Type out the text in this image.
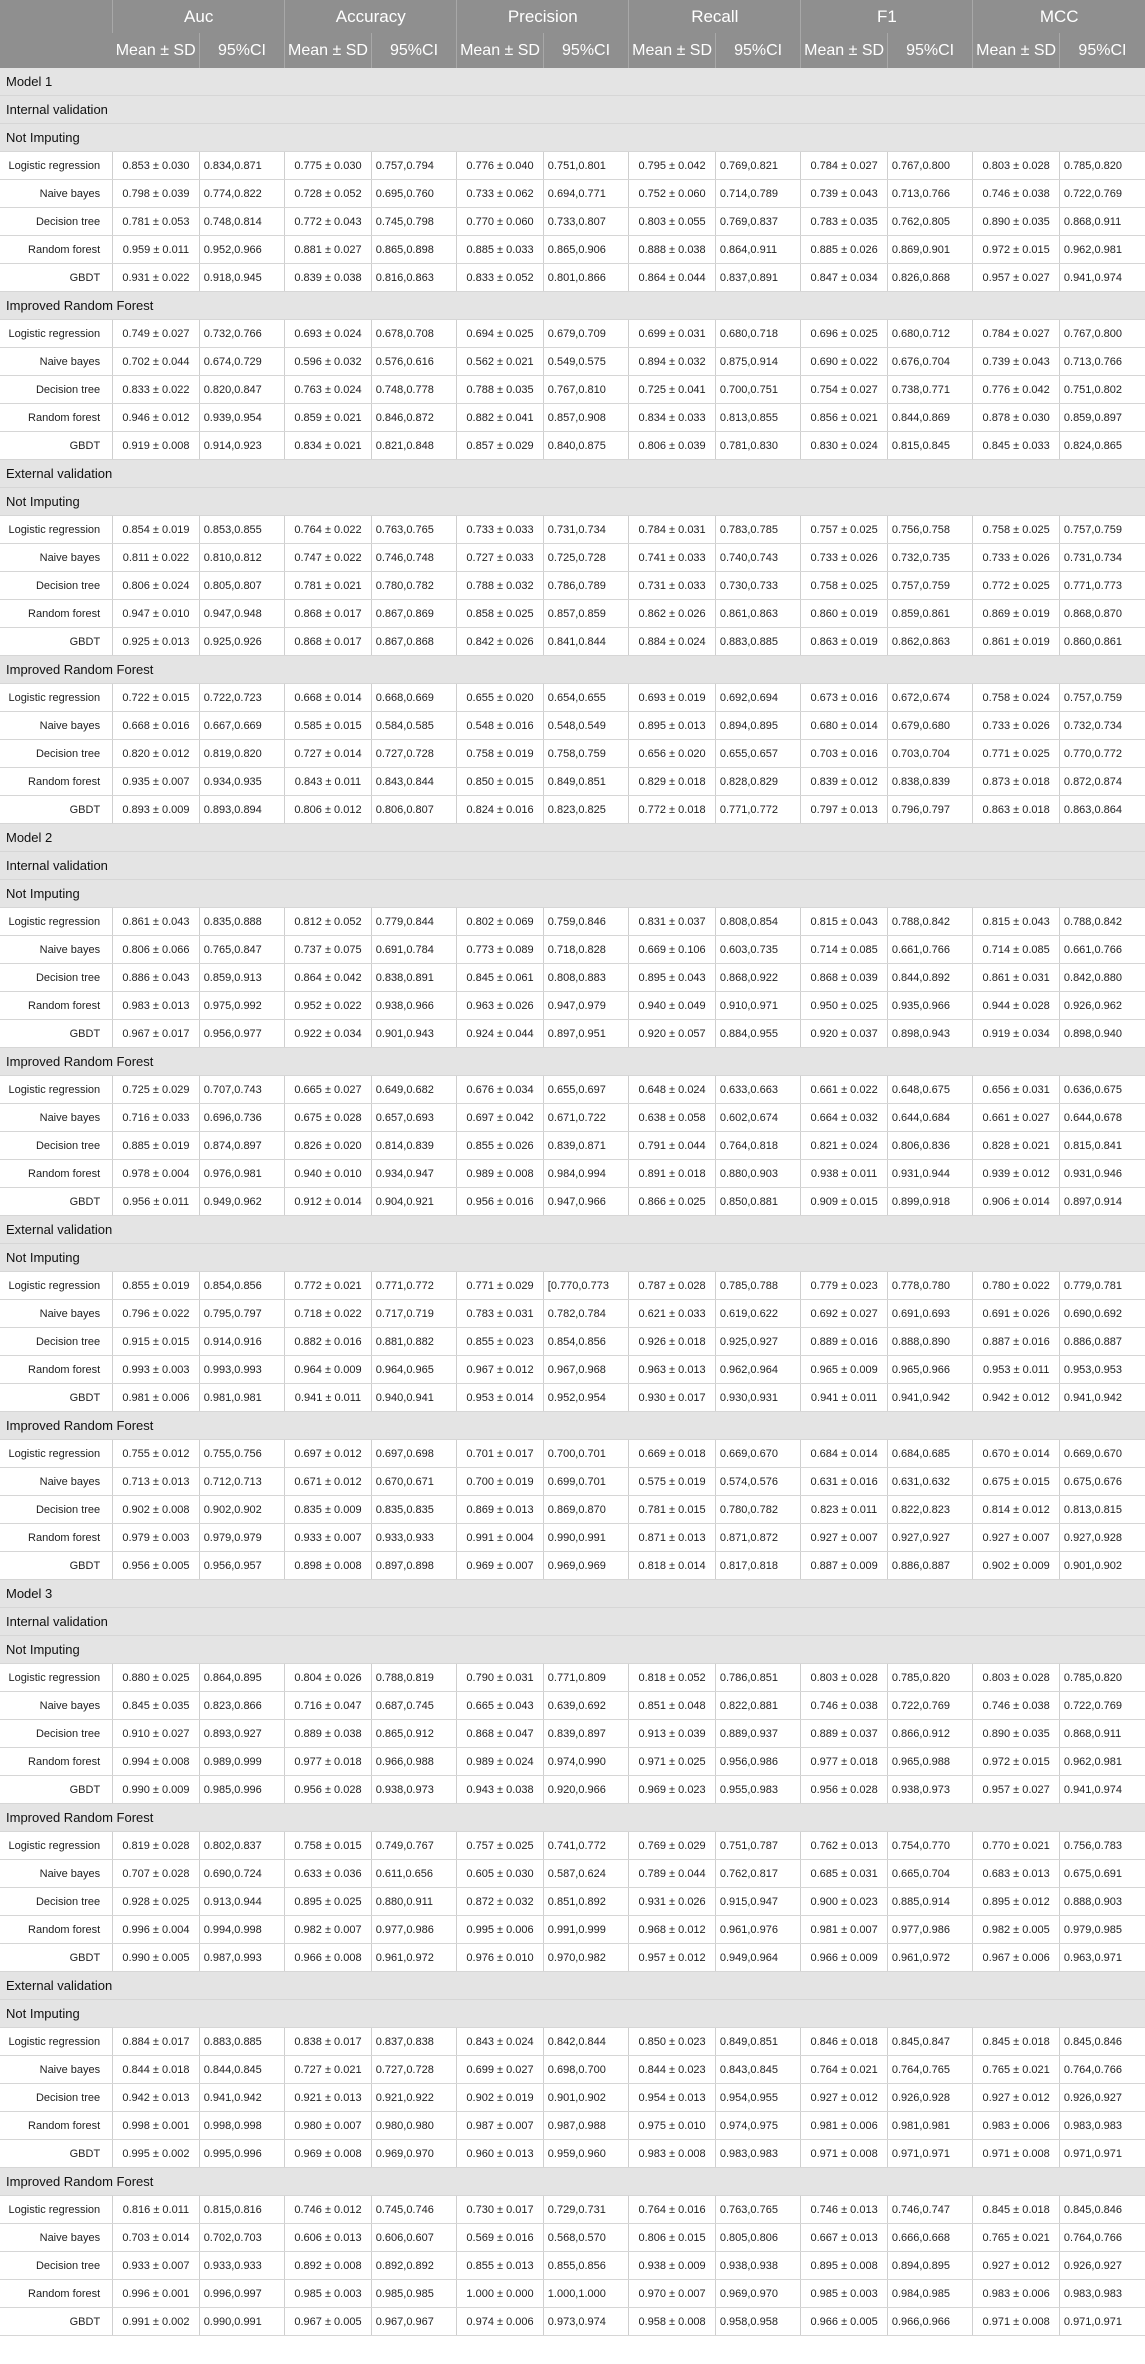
	Auc		Accuracy		Precision		Recall		F1		MCC	
	Mean ± SD	95%CI	Mean ± SD	95%CI	Mean ± SD	95%CI	Mean ± SD	95%CI	Mean ± SD	95%CI	Mean ± SD	95%CI
Model 1												
Internal validation												
Not Imputing												
Logistic regression	0.853 ± 0.030	0.834,0.871	0.775 ± 0.030	0.757,0.794	0.776 ± 0.040	0.751,0.801	0.795 ± 0.042	0.769,0.821	0.784 ± 0.027	0.767,0.800	0.803 ± 0.028	0.785,0.820
Naive bayes	0.798 ± 0.039	0.774,0.822	0.728 ± 0.052	0.695,0.760	0.733 ± 0.062	0.694,0.771	0.752 ± 0.060	0.714,0.789	0.739 ± 0.043	0.713,0.766	0.746 ± 0.038	0.722,0.769
Decision tree	0.781 ± 0.053	0.748,0.814	0.772 ± 0.043	0.745,0.798	0.770 ± 0.060	0.733,0.807	0.803 ± 0.055	0.769,0.837	0.783 ± 0.035	0.762,0.805	0.890 ± 0.035	0.868,0.911
Random forest	0.959 ± 0.011	0.952,0.966	0.881 ± 0.027	0.865,0.898	0.885 ± 0.033	0.865,0.906	0.888 ± 0.038	0.864,0.911	0.885 ± 0.026	0.869,0.901	0.972 ± 0.015	0.962,0.981
GBDT	0.931 ± 0.022	0.918,0.945	0.839 ± 0.038	0.816,0.863	0.833 ± 0.052	0.801,0.866	0.864 ± 0.044	0.837,0.891	0.847 ± 0.034	0.826,0.868	0.957 ± 0.027	0.941,0.974
Improved Random Forest												
Logistic regression	0.749 ± 0.027	0.732,0.766	0.693 ± 0.024	0.678,0.708	0.694 ± 0.025	0.679,0.709	0.699 ± 0.031	0.680,0.718	0.696 ± 0.025	0.680,0.712	0.784 ± 0.027	0.767,0.800
Naive bayes	0.702 ± 0.044	0.674,0.729	0.596 ± 0.032	0.576,0.616	0.562 ± 0.021	0.549,0.575	0.894 ± 0.032	0.875,0.914	0.690 ± 0.022	0.676,0.704	0.739 ± 0.043	0.713,0.766
Decision tree	0.833 ± 0.022	0.820,0.847	0.763 ± 0.024	0.748,0.778	0.788 ± 0.035	0.767,0.810	0.725 ± 0.041	0.700,0.751	0.754 ± 0.027	0.738,0.771	0.776 ± 0.042	0.751,0.802
Random forest	0.946 ± 0.012	0.939,0.954	0.859 ± 0.021	0.846,0.872	0.882 ± 0.041	0.857,0.908	0.834 ± 0.033	0.813,0.855	0.856 ± 0.021	0.844,0.869	0.878 ± 0.030	0.859,0.897
GBDT	0.919 ± 0.008	0.914,0.923	0.834 ± 0.021	0.821,0.848	0.857 ± 0.029	0.840,0.875	0.806 ± 0.039	0.781,0.830	0.830 ± 0.024	0.815,0.845	0.845 ± 0.033	0.824,0.865
External validation												
Not Imputing												
Logistic regression	0.854 ± 0.019	0.853,0.855	0.764 ± 0.022	0.763,0.765	0.733 ± 0.033	0.731,0.734	0.784 ± 0.031	0.783,0.785	0.757 ± 0.025	0.756,0.758	0.758 ± 0.025	0.757,0.759
Naive bayes	0.811 ± 0.022	0.810,0.812	0.747 ± 0.022	0.746,0.748	0.727 ± 0.033	0.725,0.728	0.741 ± 0.033	0.740,0.743	0.733 ± 0.026	0.732,0.735	0.733 ± 0.026	0.731,0.734
Decision tree	0.806 ± 0.024	0.805,0.807	0.781 ± 0.021	0.780,0.782	0.788 ± 0.032	0.786,0.789	0.731 ± 0.033	0.730,0.733	0.758 ± 0.025	0.757,0.759	0.772 ± 0.025	0.771,0.773
Random forest	0.947 ± 0.010	0.947,0.948	0.868 ± 0.017	0.867,0.869	0.858 ± 0.025	0.857,0.859	0.862 ± 0.026	0.861,0.863	0.860 ± 0.019	0.859,0.861	0.869 ± 0.019	0.868,0.870
GBDT	0.925 ± 0.013	0.925,0.926	0.868 ± 0.017	0.867,0.868	0.842 ± 0.026	0.841,0.844	0.884 ± 0.024	0.883,0.885	0.863 ± 0.019	0.862,0.863	0.861 ± 0.019	0.860,0.861
Improved Random Forest												
Logistic regression	0.722 ± 0.015	0.722,0.723	0.668 ± 0.014	0.668,0.669	0.655 ± 0.020	0.654,0.655	0.693 ± 0.019	0.692,0.694	0.673 ± 0.016	0.672,0.674	0.758 ± 0.024	0.757,0.759
Naive bayes	0.668 ± 0.016	0.667,0.669	0.585 ± 0.015	0.584,0.585	0.548 ± 0.016	0.548,0.549	0.895 ± 0.013	0.894,0.895	0.680 ± 0.014	0.679,0.680	0.733 ± 0.026	0.732,0.734
Decision tree	0.820 ± 0.012	0.819,0.820	0.727 ± 0.014	0.727,0.728	0.758 ± 0.019	0.758,0.759	0.656 ± 0.020	0.655,0.657	0.703 ± 0.016	0.703,0.704	0.771 ± 0.025	0.770,0.772
Random forest	0.935 ± 0.007	0.934,0.935	0.843 ± 0.011	0.843,0.844	0.850 ± 0.015	0.849,0.851	0.829 ± 0.018	0.828,0.829	0.839 ± 0.012	0.838,0.839	0.873 ± 0.018	0.872,0.874
GBDT	0.893 ± 0.009	0.893,0.894	0.806 ± 0.012	0.806,0.807	0.824 ± 0.016	0.823,0.825	0.772 ± 0.018	0.771,0.772	0.797 ± 0.013	0.796,0.797	0.863 ± 0.018	0.863,0.864
Model 2												
Internal validation												
Not Imputing												
Logistic regression	0.861 ± 0.043	0.835,0.888	0.812 ± 0.052	0.779,0.844	0.802 ± 0.069	0.759,0.846	0.831 ± 0.037	0.808,0.854	0.815 ± 0.043	0.788,0.842	0.815 ± 0.043	0.788,0.842
Naive bayes	0.806 ± 0.066	0.765,0.847	0.737 ± 0.075	0.691,0.784	0.773 ± 0.089	0.718,0.828	0.669 ± 0.106	0.603,0.735	0.714 ± 0.085	0.661,0.766	0.714 ± 0.085	0.661,0.766
Decision tree	0.886 ± 0.043	0.859,0.913	0.864 ± 0.042	0.838,0.891	0.845 ± 0.061	0.808,0.883	0.895 ± 0.043	0.868,0.922	0.868 ± 0.039	0.844,0.892	0.861 ± 0.031	0.842,0.880
Random forest	0.983 ± 0.013	0.975,0.992	0.952 ± 0.022	0.938,0.966	0.963 ± 0.026	0.947,0.979	0.940 ± 0.049	0.910,0.971	0.950 ± 0.025	0.935,0.966	0.944 ± 0.028	0.926,0.962
GBDT	0.967 ± 0.017	0.956,0.977	0.922 ± 0.034	0.901,0.943	0.924 ± 0.044	0.897,0.951	0.920 ± 0.057	0.884,0.955	0.920 ± 0.037	0.898,0.943	0.919 ± 0.034	0.898,0.940
Improved Random Forest												
Logistic regression	0.725 ± 0.029	0.707,0.743	0.665 ± 0.027	0.649,0.682	0.676 ± 0.034	0.655,0.697	0.648 ± 0.024	0.633,0.663	0.661 ± 0.022	0.648,0.675	0.656 ± 0.031	0.636,0.675
Naive bayes	0.716 ± 0.033	0.696,0.736	0.675 ± 0.028	0.657,0.693	0.697 ± 0.042	0.671,0.722	0.638 ± 0.058	0.602,0.674	0.664 ± 0.032	0.644,0.684	0.661 ± 0.027	0.644,0.678
Decision tree	0.885 ± 0.019	0.874,0.897	0.826 ± 0.020	0.814,0.839	0.855 ± 0.026	0.839,0.871	0.791 ± 0.044	0.764,0.818	0.821 ± 0.024	0.806,0.836	0.828 ± 0.021	0.815,0.841
Random forest	0.978 ± 0.004	0.976,0.981	0.940 ± 0.010	0.934,0.947	0.989 ± 0.008	0.984,0.994	0.891 ± 0.018	0.880,0.903	0.938 ± 0.011	0.931,0.944	0.939 ± 0.012	0.931,0.946
GBDT	0.956 ± 0.011	0.949,0.962	0.912 ± 0.014	0.904,0.921	0.956 ± 0.016	0.947,0.966	0.866 ± 0.025	0.850,0.881	0.909 ± 0.015	0.899,0.918	0.906 ± 0.014	0.897,0.914
External validation												
Not Imputing												
Logistic regression	0.855 ± 0.019	0.854,0.856	0.772 ± 0.021	0.771,0.772	0.771 ± 0.029	[0.770,0.773	0.787 ± 0.028	0.785,0.788	0.779 ± 0.023	0.778,0.780	0.780 ± 0.022	0.779,0.781
Naive bayes	0.796 ± 0.022	0.795,0.797	0.718 ± 0.022	0.717,0.719	0.783 ± 0.031	0.782,0.784	0.621 ± 0.033	0.619,0.622	0.692 ± 0.027	0.691,0.693	0.691 ± 0.026	0.690,0.692
Decision tree	0.915 ± 0.015	0.914,0.916	0.882 ± 0.016	0.881,0.882	0.855 ± 0.023	0.854,0.856	0.926 ± 0.018	0.925,0.927	0.889 ± 0.016	0.888,0.890	0.887 ± 0.016	0.886,0.887
Random forest	0.993 ± 0.003	0.993,0.993	0.964 ± 0.009	0.964,0.965	0.967 ± 0.012	0.967,0.968	0.963 ± 0.013	0.962,0.964	0.965 ± 0.009	0.965,0.966	0.953 ± 0.011	0.953,0.953
GBDT	0.981 ± 0.006	0.981,0.981	0.941 ± 0.011	0.940,0.941	0.953 ± 0.014	0.952,0.954	0.930 ± 0.017	0.930,0.931	0.941 ± 0.011	0.941,0.942	0.942 ± 0.012	0.941,0.942
Improved Random Forest												
Logistic regression	0.755 ± 0.012	0.755,0.756	0.697 ± 0.012	0.697,0.698	0.701 ± 0.017	0.700,0.701	0.669 ± 0.018	0.669,0.670	0.684 ± 0.014	0.684,0.685	0.670 ± 0.014	0.669,0.670
Naive bayes	0.713 ± 0.013	0.712,0.713	0.671 ± 0.012	0.670,0.671	0.700 ± 0.019	0.699,0.701	0.575 ± 0.019	0.574,0.576	0.631 ± 0.016	0.631,0.632	0.675 ± 0.015	0.675,0.676
Decision tree	0.902 ± 0.008	0.902,0.902	0.835 ± 0.009	0.835,0.835	0.869 ± 0.013	0.869,0.870	0.781 ± 0.015	0.780,0.782	0.823 ± 0.011	0.822,0.823	0.814 ± 0.012	0.813,0.815
Random forest	0.979 ± 0.003	0.979,0.979	0.933 ± 0.007	0.933,0.933	0.991 ± 0.004	0.990,0.991	0.871 ± 0.013	0.871,0.872	0.927 ± 0.007	0.927,0.927	0.927 ± 0.007	0.927,0.928
GBDT	0.956 ± 0.005	0.956,0.957	0.898 ± 0.008	0.897,0.898	0.969 ± 0.007	0.969,0.969	0.818 ± 0.014	0.817,0.818	0.887 ± 0.009	0.886,0.887	0.902 ± 0.009	0.901,0.902
Model 3												
Internal validation												
Not Imputing												
Logistic regression	0.880 ± 0.025	0.864,0.895	0.804 ± 0.026	0.788,0.819	0.790 ± 0.031	0.771,0.809	0.818 ± 0.052	0.786,0.851	0.803 ± 0.028	0.785,0.820	0.803 ± 0.028	0.785,0.820
Naive bayes	0.845 ± 0.035	0.823,0.866	0.716 ± 0.047	0.687,0.745	0.665 ± 0.043	0.639,0.692	0.851 ± 0.048	0.822,0.881	0.746 ± 0.038	0.722,0.769	0.746 ± 0.038	0.722,0.769
Decision tree	0.910 ± 0.027	0.893,0.927	0.889 ± 0.038	0.865,0.912	0.868 ± 0.047	0.839,0.897	0.913 ± 0.039	0.889,0.937	0.889 ± 0.037	0.866,0.912	0.890 ± 0.035	0.868,0.911
Random forest	0.994 ± 0.008	0.989,0.999	0.977 ± 0.018	0.966,0.988	0.989 ± 0.024	0.974,0.990	0.971 ± 0.025	0.956,0.986	0.977 ± 0.018	0.965,0.988	0.972 ± 0.015	0.962,0.981
GBDT	0.990 ± 0.009	0.985,0.996	0.956 ± 0.028	0.938,0.973	0.943 ± 0.038	0.920,0.966	0.969 ± 0.023	0.955,0.983	0.956 ± 0.028	0.938,0.973	0.957 ± 0.027	0.941,0.974
Improved Random Forest												
Logistic regression	0.819 ± 0.028	0.802,0.837	0.758 ± 0.015	0.749,0.767	0.757 ± 0.025	0.741,0.772	0.769 ± 0.029	0.751,0.787	0.762 ± 0.013	0.754,0.770	0.770 ± 0.021	0.756,0.783
Naive bayes	0.707 ± 0.028	0.690,0.724	0.633 ± 0.036	0.611,0.656	0.605 ± 0.030	0.587,0.624	0.789 ± 0.044	0.762,0.817	0.685 ± 0.031	0.665,0.704	0.683 ± 0.013	0.675,0.691
Decision tree	0.928 ± 0.025	0.913,0.944	0.895 ± 0.025	0.880,0.911	0.872 ± 0.032	0.851,0.892	0.931 ± 0.026	0.915,0.947	0.900 ± 0.023	0.885,0.914	0.895 ± 0.012	0.888,0.903
Random forest	0.996 ± 0.004	0.994,0.998	0.982 ± 0.007	0.977,0.986	0.995 ± 0.006	0.991,0.999	0.968 ± 0.012	0.961,0.976	0.981 ± 0.007	0.977,0.986	0.982 ± 0.005	0.979,0.985
GBDT	0.990 ± 0.005	0.987,0.993	0.966 ± 0.008	0.961,0.972	0.976 ± 0.010	0.970,0.982	0.957 ± 0.012	0.949,0.964	0.966 ± 0.009	0.961,0.972	0.967 ± 0.006	0.963,0.971
External validation												
Not Imputing												
Logistic regression	0.884 ± 0.017	0.883,0.885	0.838 ± 0.017	0.837,0.838	0.843 ± 0.024	0.842,0.844	0.850 ± 0.023	0.849,0.851	0.846 ± 0.018	0.845,0.847	0.845 ± 0.018	0.845,0.846
Naive bayes	0.844 ± 0.018	0.844,0.845	0.727 ± 0.021	0.727,0.728	0.699 ± 0.027	0.698,0.700	0.844 ± 0.023	0.843,0.845	0.764 ± 0.021	0.764,0.765	0.765 ± 0.021	0.764,0.766
Decision tree	0.942 ± 0.013	0.941,0.942	0.921 ± 0.013	0.921,0.922	0.902 ± 0.019	0.901,0.902	0.954 ± 0.013	0.954,0.955	0.927 ± 0.012	0.926,0.928	0.927 ± 0.012	0.926,0.927
Random forest	0.998 ± 0.001	0.998,0.998	0.980 ± 0.007	0.980,0.980	0.987 ± 0.007	0.987,0.988	0.975 ± 0.010	0.974,0.975	0.981 ± 0.006	0.981,0.981	0.983 ± 0.006	0.983,0.983
GBDT	0.995 ± 0.002	0.995,0.996	0.969 ± 0.008	0.969,0.970	0.960 ± 0.013	0.959,0.960	0.983 ± 0.008	0.983,0.983	0.971 ± 0.008	0.971,0.971	0.971 ± 0.008	0.971,0.971
Improved Random Forest												
Logistic regression	0.816 ± 0.011	0.815,0.816	0.746 ± 0.012	0.745,0.746	0.730 ± 0.017	0.729,0.731	0.764 ± 0.016	0.763,0.765	0.746 ± 0.013	0.746,0.747	0.845 ± 0.018	0.845,0.846
Naive bayes	0.703 ± 0.014	0.702,0.703	0.606 ± 0.013	0.606,0.607	0.569 ± 0.016	0.568,0.570	0.806 ± 0.015	0.805,0.806	0.667 ± 0.013	0.666,0.668	0.765 ± 0.021	0.764,0.766
Decision tree	0.933 ± 0.007	0.933,0.933	0.892 ± 0.008	0.892,0.892	0.855 ± 0.013	0.855,0.856	0.938 ± 0.009	0.938,0.938	0.895 ± 0.008	0.894,0.895	0.927 ± 0.012	0.926,0.927
Random forest	0.996 ± 0.001	0.996,0.997	0.985 ± 0.003	0.985,0.985	1.000 ± 0.000	1.000,1.000	0.970 ± 0.007	0.969,0.970	0.985 ± 0.003	0.984,0.985	0.983 ± 0.006	0.983,0.983
GBDT	0.991 ± 0.002	0.990,0.991	0.967 ± 0.005	0.967,0.967	0.974 ± 0.006	0.973,0.974	0.958 ± 0.008	0.958,0.958	0.966 ± 0.005	0.966,0.966	0.971 ± 0.008	0.971,0.971
